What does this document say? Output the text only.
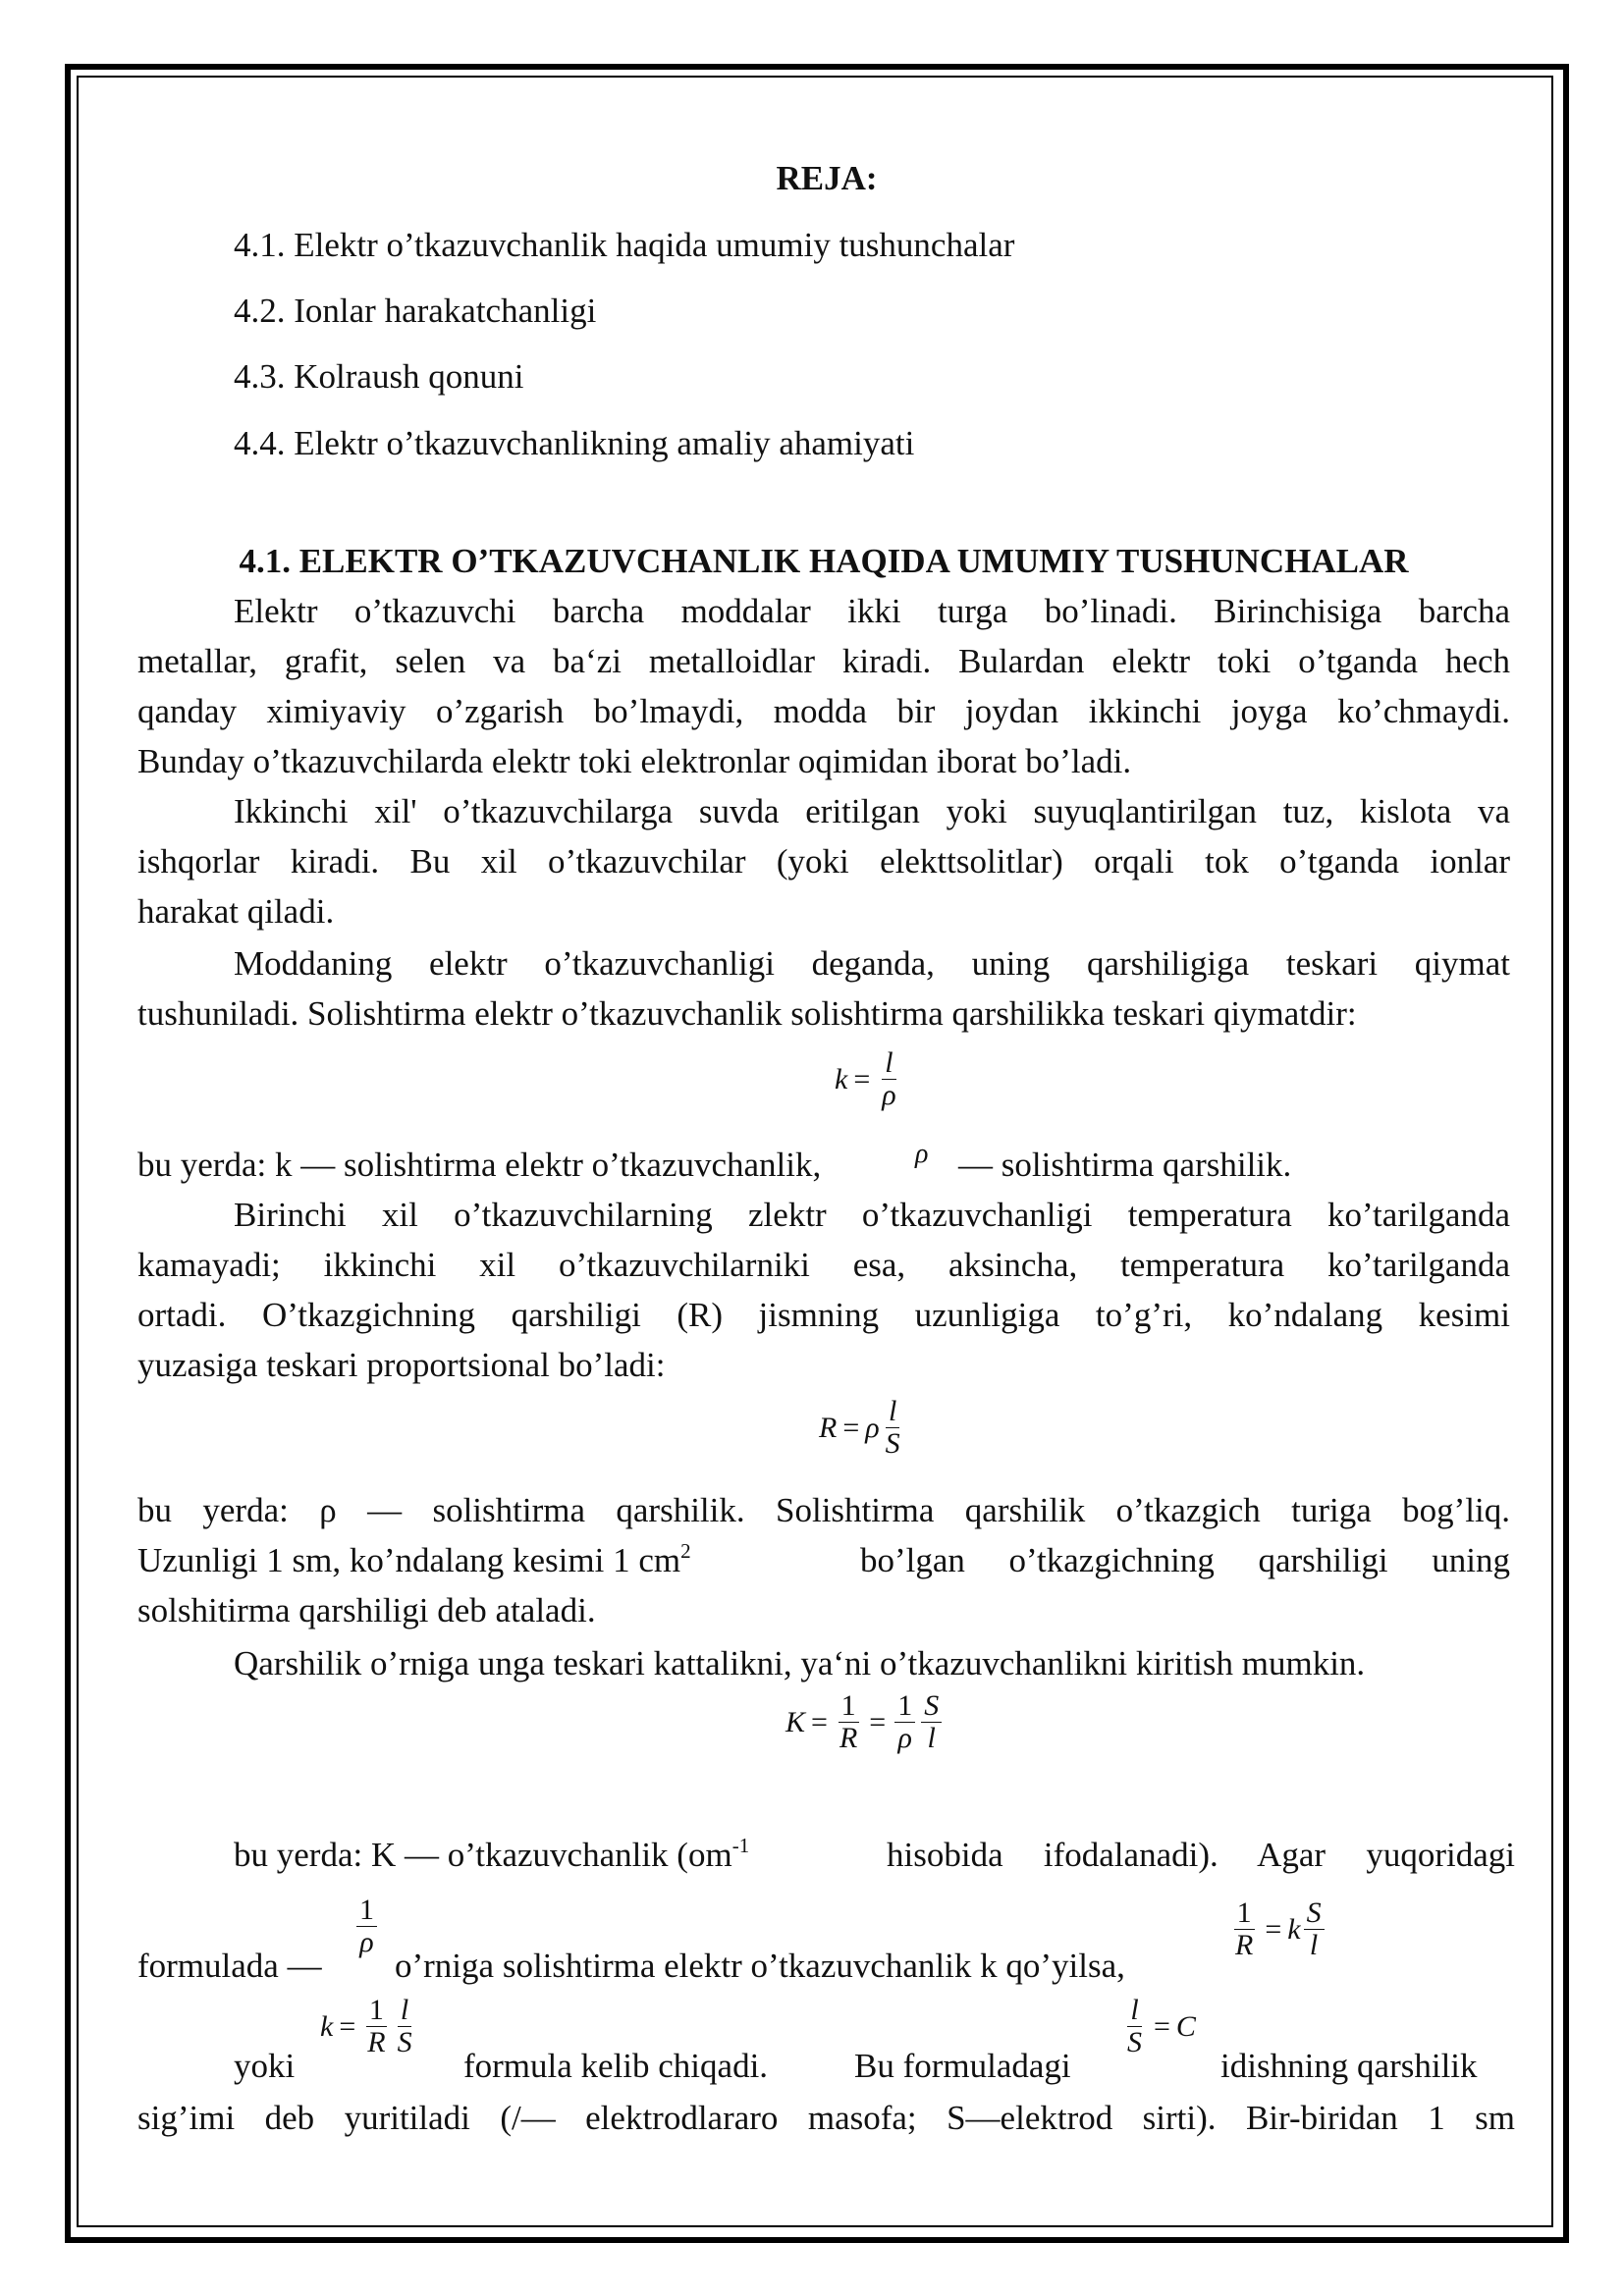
REJA:
4.1. Elektr o’tkazuvchanlik haqida umumiy tushunchalar
4.2. Ionlar harakatchanligi
4.3. Kolraush qonuni
4.4. Elektr o’tkazuvchanlikning amaliy ahamiyati
4.1. ELEKTR O’TKAZUVCHANLIK HAQIDA UMUMIY TUSHUNCHALAR
Elektr o’tkazuvchi barcha moddalar ikki turga bo’linadi. Birinchisiga barcha
metallar, grafit, selen va ba‘zi metalloidlar kiradi. Bulardan elektr toki o’tganda hech
qanday ximiyaviy o’zgarish bo’lmaydi, modda bir joydan ikkinchi joyga ko’chmaydi.
Bunday o’tkazuvchilarda elektr toki elektronlar oqimidan iborat bo’ladi.
Ikkinchi xil' o’tkazuvchilarga suvda eritilgan yoki suyuqlantirilgan tuz, kislota va
ishqorlar kiradi. Bu xil o’tkazuvchilar (yoki elekttsolitlar) orqali tok o’tganda ionlar
harakat qiladi.
Moddaning elektr o’tkazuvchanligi deganda, uning qarshiligiga teskari qiymat
tushuniladi. Solishtirma elektr o’tkazuvchanlik solishtirma qarshilikka teskari qiymatdir:
$k = \frac{l}{\rho}$
bu yerda: k — solishtirma elektr o’tkazuvchanlik,	ρ — solishtirma qarshilik.
Birinchi xil o’tkazuvchilarning zlektr o’tkazuvchanligi temperatura ko’tarilganda
kamayadi; ikkinchi xil o’tkazuvchilarniki esa, aksincha, temperatura ko’tarilganda
ortadi. O’tkazgichning qarshiligi (R) jismning uzunligiga to’g’ri, ko’ndalang kesimi
yuzasiga teskari proportsional bo’ladi:
R = ρ $\frac{l}{S}$
bu yerda: ρ — solishtirma qarshilik. Solishtirma qarshilik o’tkazgich turiga bog’liq.
Uzunligi 1 sm, ko’ndalang kesimi 1 $cm^2$	bo’lgan o’tkazgichning qarshiligi uning
solshitirma qarshiligi deb ataladi.
Qarshilik o’rniga unga teskari kattalikni, ya‘ni o’tkazuvchanlikni kiritish mumkin.
$K = \frac{1}{R} = \frac{1}{\rho} \frac{S}{l}$
bu yerda: K — o’tkazuvchanlik ($om^{-1}$	hisobida ifodalanadi). Agar yuqoridagi
formulada —
$\frac{1}{\rho}$
o’rniga solishtirma elektr o’tkazuvchanlik k qo’yilsa,
$\frac{1}{R} = k \frac{S}{l}$
yoki
$k = \frac{1}{R} \frac{l}{S}$
formula kelib chiqadi.	Bu formuladagi
$\frac{l}{S} = C$
idishning qarshilik
sig’imi deb yuritiladi (/— elektrodlararo masofa; S—elektrod sirti). Bir-biridan 1 sm
